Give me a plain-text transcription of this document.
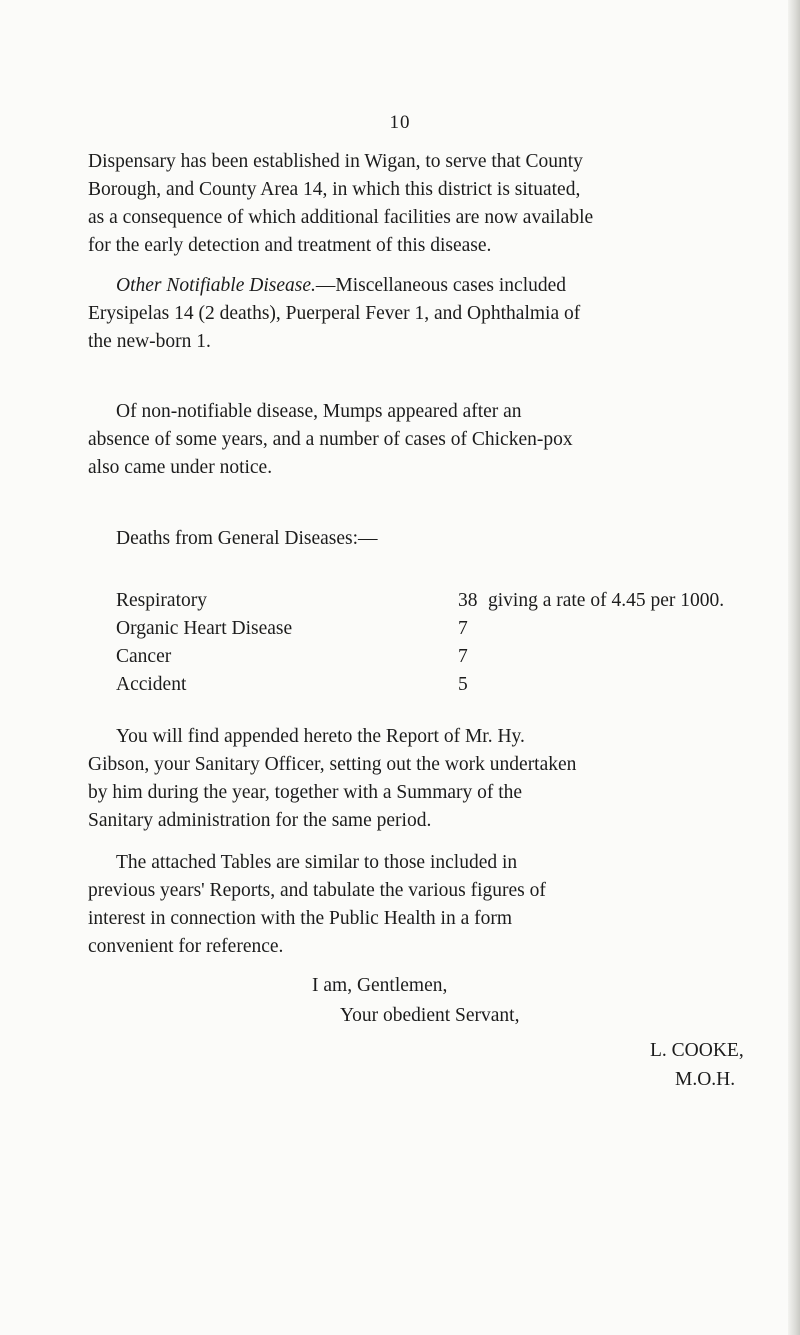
10

Dispensary has been established in Wigan, to serve that County
Borough, and County Area 14, in which this district is situated,
as a consequence of which additional facilities are now available
for the early detection and treatment of this disease.

Other Notifiable Disease.—Miscellaneous cases included
Erysipelas 14 (2 deaths), Puerperal Fever 1, and Ophthalmia of
the new-born 1.

Of non-notifiable disease, Mumps appeared after an
absence of some years, and a number of cases of Chicken-pox
also came under notice.

Deaths from General Diseases:—

Respiratory	38 giving a rate of 4.45 per 1000.
Organic Heart Disease	7
Cancer	7
Accident	5

You will find appended hereto the Report of Mr. Hy.
Gibson, your Sanitary Officer, setting out the work undertaken
by him during the year, together with a Summary of the
Sanitary administration for the same period.

The attached Tables are similar to those included in
previous years' Reports, and tabulate the various figures of
interest in connection with the Public Health in a form
convenient for reference.

I am, Gentlemen,
Your obedient Servant,
L. COOKE,
M.O.H.
